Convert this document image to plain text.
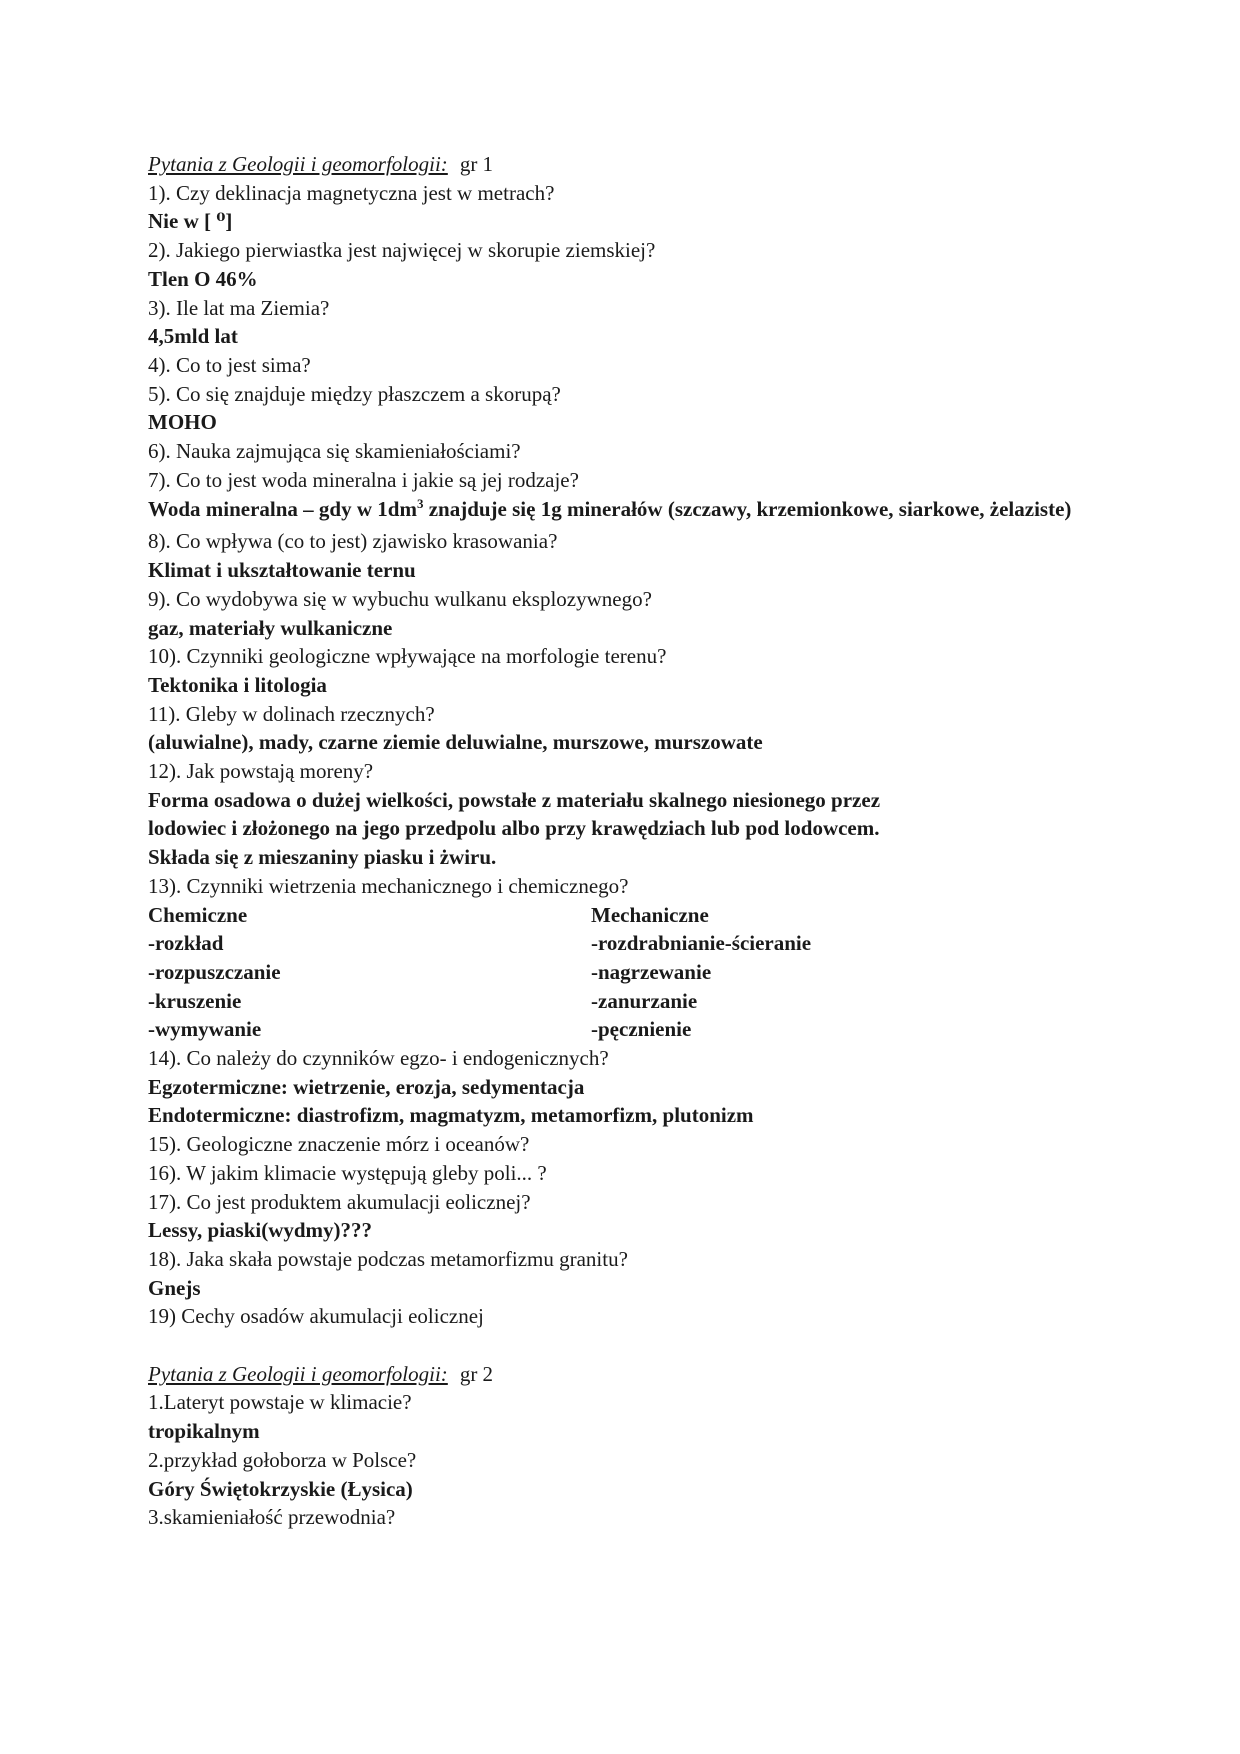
Pytania z Geologii i geomorfologii: gr 1
1). Czy deklinacja magnetyczna jest w metrach?
Nie w [ ⁰]
2). Jakiego pierwiastka jest najwięcej w skorupie ziemskiej?
Tlen O 46%
3). Ile lat ma Ziemia?
4,5mld lat
4). Co to jest sima?
5). Co się znajduje między płaszczem a skorupą?
MOHO
6). Nauka zajmująca się skamieniałościami?
7). Co to jest woda mineralna i jakie są jej rodzaje?
Woda mineralna – gdy w $1dm^3$ znajduje się 1g minerałów (szczawy, krzemionkowe, siarkowe, żelaziste)
8). Co wpływa (co to jest) zjawisko krasowania?
Klimat i ukształtowanie ternu
9). Co wydobywa się w wybuchu wulkanu eksplozywnego?
gaz, materiały wulkaniczne
10). Czynniki geologiczne wpływające na morfologie terenu?
Tektonika i litologia
11). Gleby w dolinach rzecznych?
(aluwialne), mady, czarne ziemie deluwialne, murszowe, murszowate
12). Jak powstają moreny?
Forma osadowa o dużej wielkości, powstałe z materiału skalnego niesionego przez
lodowiec i złożonego na jego przedpolu albo przy krawędziach lub pod lodowcem.
Składa się z mieszaniny piasku i żwiru.
13). Czynniki wietrzenia mechanicznego i chemicznego?
Chemiczne
-rozkład
-rozpuszczanie
-kruszenie
-wymywanie
Mechaniczne
-rozdrabnianie-ścieranie
-nagrzewanie
-zanurzanie
-pęcznienie
14). Co należy do czynników egzo- i endogenicznych?
Egzotermiczne: wietrzenie, erozja, sedymentacja
Endotermiczne: diastrofizm, magmatyzm, metamorfizm, plutonizm
15). Geologiczne znaczenie mórz i oceanów?
16). W jakim klimacie występują gleby poli... ?
17). Co jest produktem akumulacji eolicznej?
Lessy, piaski(wydmy)???
18). Jaka skała powstaje podczas metamorfizmu granitu?
Gnejs
19) Cechy osadów akumulacji eolicznej
Pytania z Geologii i geomorfologii: gr 2
1.Lateryt powstaje w klimacie?
tropikalnym
2.przykład gołoborza w Polsce?
Góry Świętokrzyskie (Łysica)
3.skamieniałość przewodnia?
